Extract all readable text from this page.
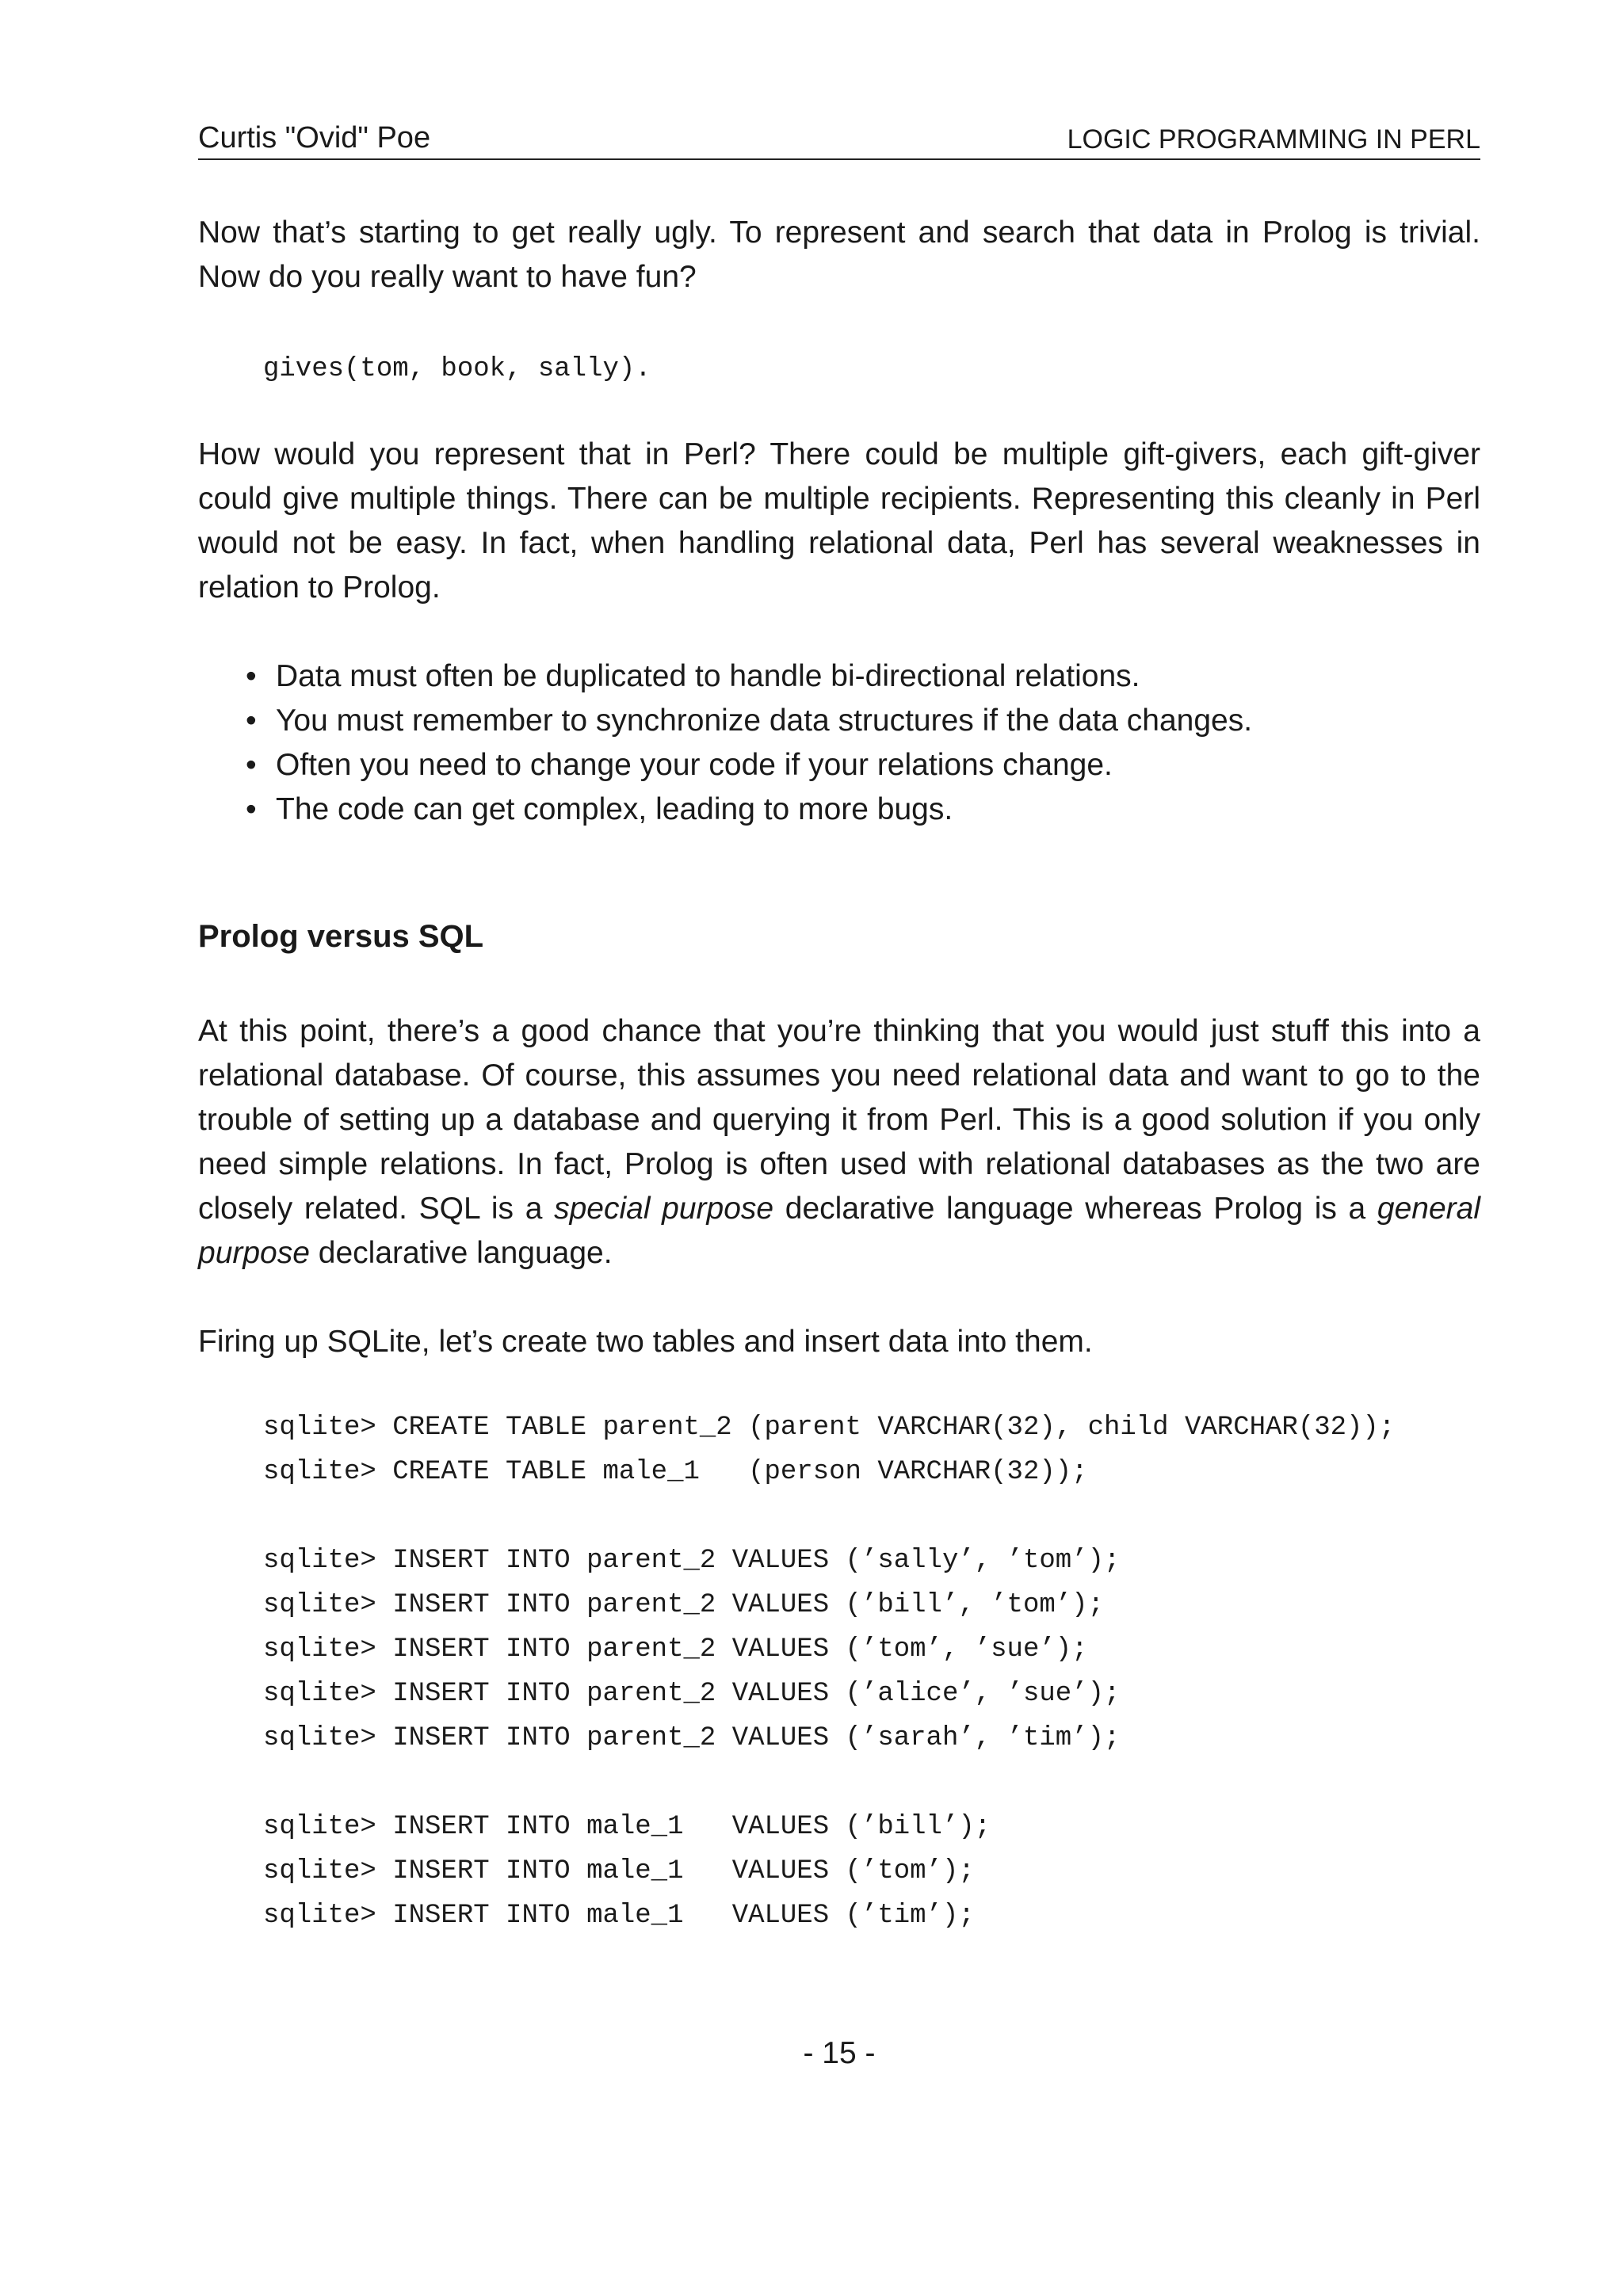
Curtis "Ovid" Poe	LOGIC PROGRAMMING IN PERL

Now that’s starting to get really ugly. To represent and search that data in Prolog is trivial. Now do you really want to have fun?

gives(tom, book, sally).

How would you represent that in Perl? There could be multiple gift-givers, each gift-giver could give multiple things. There can be multiple recipients. Representing this cleanly in Perl would not be easy. In fact, when handling relational data, Perl has several weaknesses in relation to Prolog.

• Data must often be duplicated to handle bi-directional relations.
• You must remember to synchronize data structures if the data changes.
• Often you need to change your code if your relations change.
• The code can get complex, leading to more bugs.
Prolog versus SQL

At this point, there’s a good chance that you’re thinking that you would just stuff this into a relational database. Of course, this assumes you need relational data and want to go to the trouble of setting up a database and querying it from Perl. This is a good solution if you only need simple relations. In fact, Prolog is often used with relational databases as the two are closely related. SQL is a special purpose declarative language whereas Prolog is a general purpose declarative language.

Firing up SQLite, let’s create two tables and insert data into them.

sqlite> CREATE TABLE parent_2 (parent VARCHAR(32), child VARCHAR(32));
sqlite> CREATE TABLE male_1   (person VARCHAR(32));

sqlite> INSERT INTO parent_2 VALUES (’sally’, ’tom’);
sqlite> INSERT INTO parent_2 VALUES (’bill’, ’tom’);
sqlite> INSERT INTO parent_2 VALUES (’tom’, ’sue’);
sqlite> INSERT INTO parent_2 VALUES (’alice’, ’sue’);
sqlite> INSERT INTO parent_2 VALUES (’sarah’, ’tim’);

sqlite> INSERT INTO male_1   VALUES (’bill’);
sqlite> INSERT INTO male_1   VALUES (’tom’);
sqlite> INSERT INTO male_1   VALUES (’tim’);
- 15 -
